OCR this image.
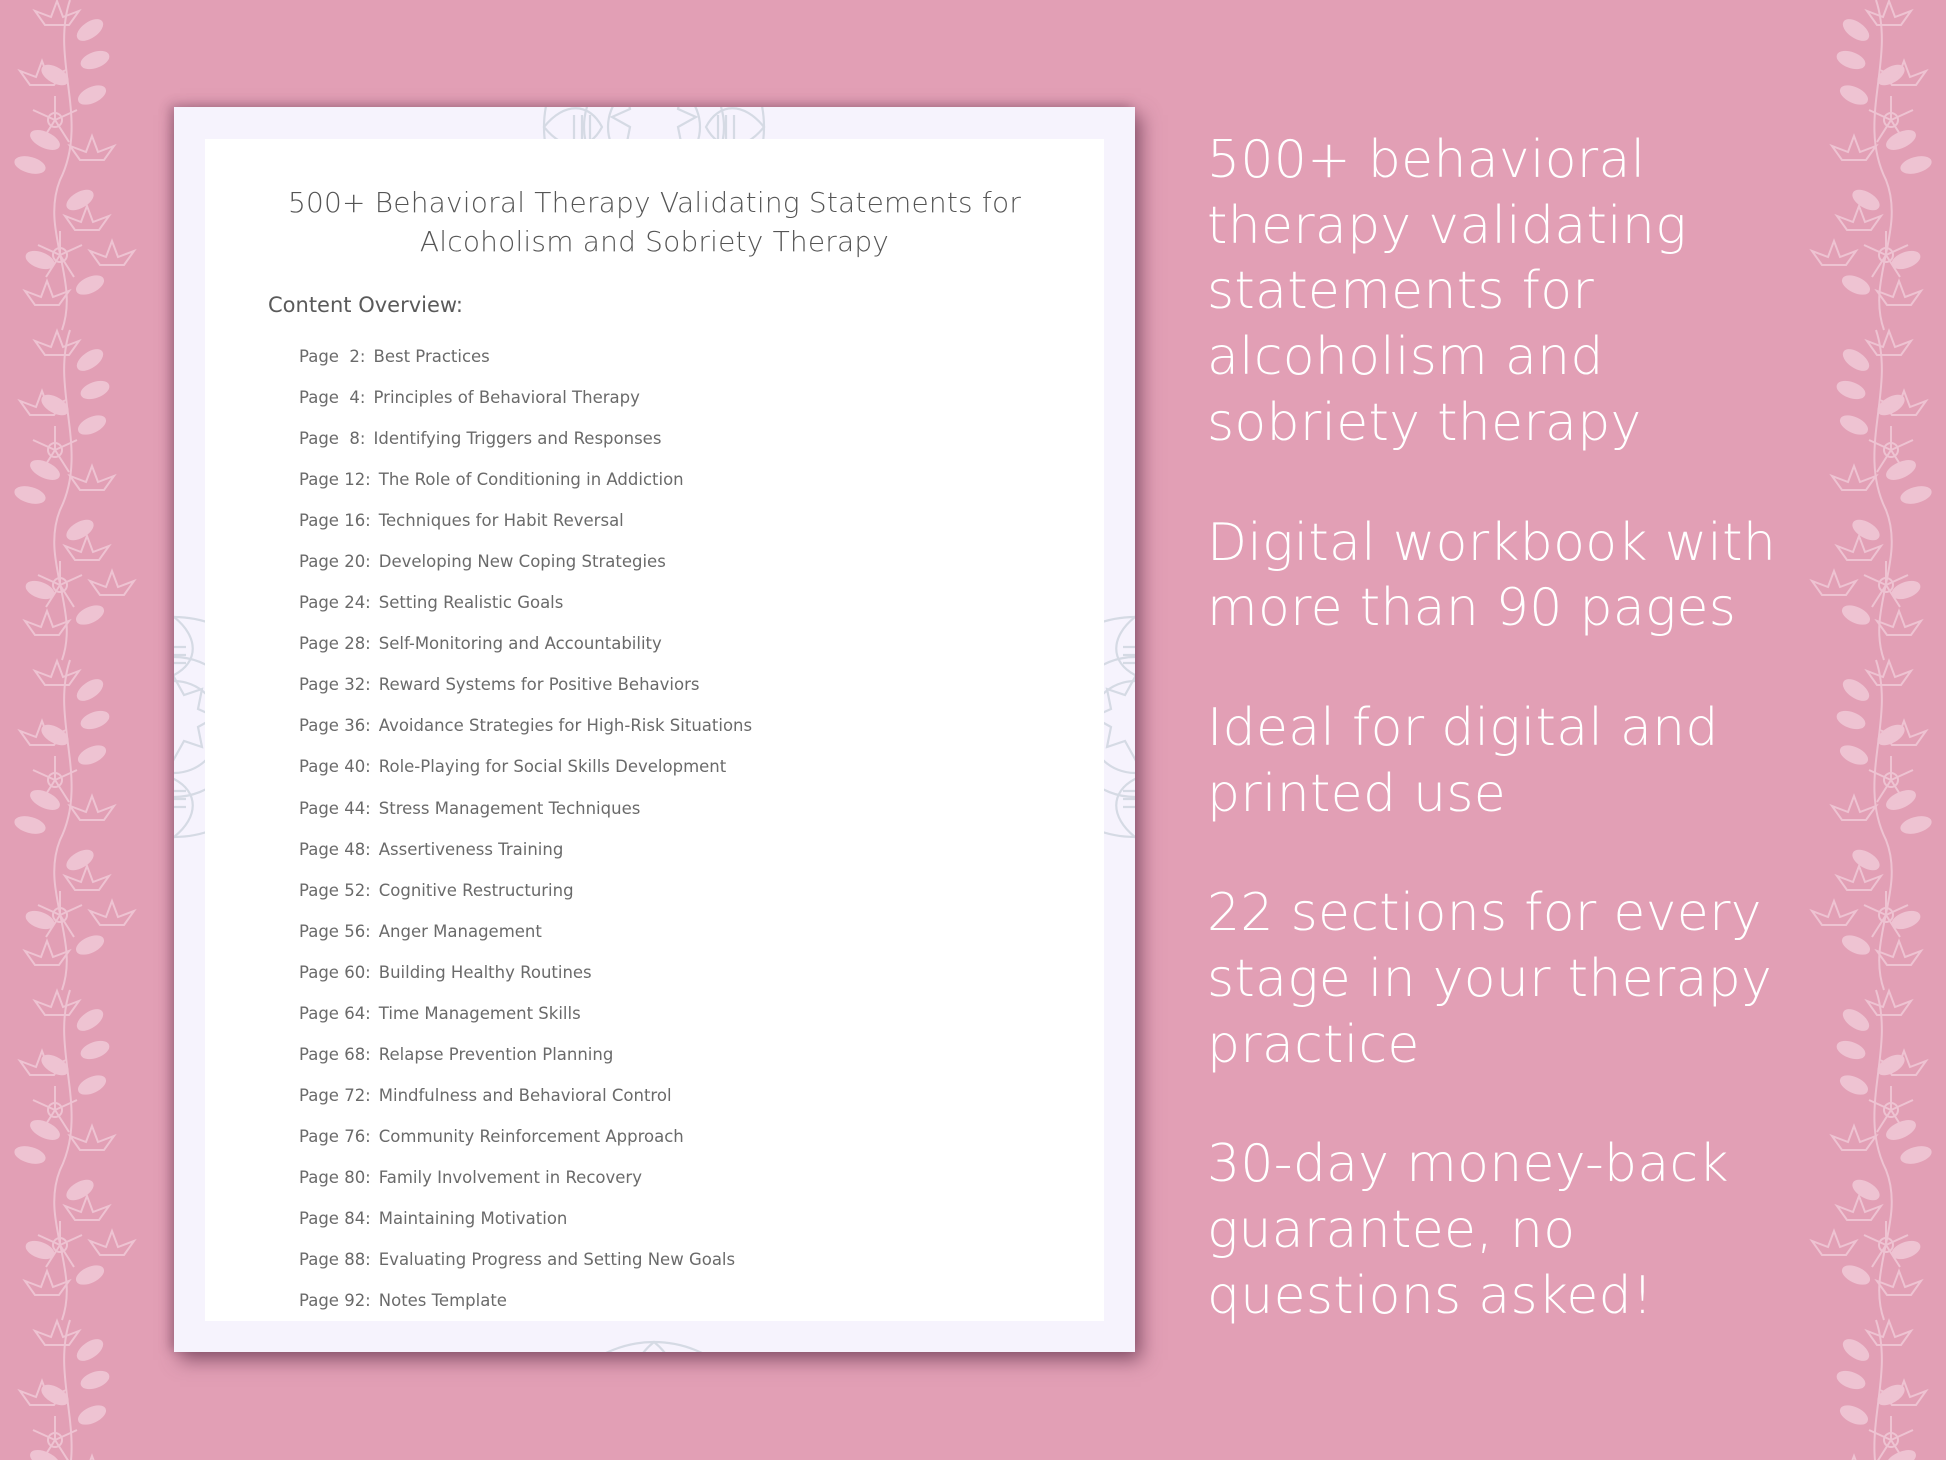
500+ Behavioral Therapy Validating Statements for
Alcoholism and Sobriety Therapy
Content Overview:
Page  2: Best Practices
Page  4: Principles of Behavioral Therapy
Page  8: Identifying Triggers and Responses
Page 12: The Role of Conditioning in Addiction
Page 16: Techniques for Habit Reversal
Page 20: Developing New Coping Strategies
Page 24: Setting Realistic Goals
Page 28: Self-Monitoring and Accountability
Page 32: Reward Systems for Positive Behaviors
Page 36: Avoidance Strategies for High-Risk Situations
Page 40: Role-Playing for Social Skills Development
Page 44: Stress Management Techniques
Page 48: Assertiveness Training
Page 52: Cognitive Restructuring
Page 56: Anger Management
Page 60: Building Healthy Routines
Page 64: Time Management Skills
Page 68: Relapse Prevention Planning
Page 72: Mindfulness and Behavioral Control
Page 76: Community Reinforcement Approach
Page 80: Family Involvement in Recovery
Page 84: Maintaining Motivation
Page 88: Evaluating Progress and Setting New Goals
Page 92: Notes Template
500+ behavioral
therapy validating
statements for
alcoholism and
sobriety therapy
Digital workbook with
more than 90 pages
Ideal for digital and
printed use
22 sections for every
stage in your therapy
practice
30-day money-back
guarantee, no
questions asked!
